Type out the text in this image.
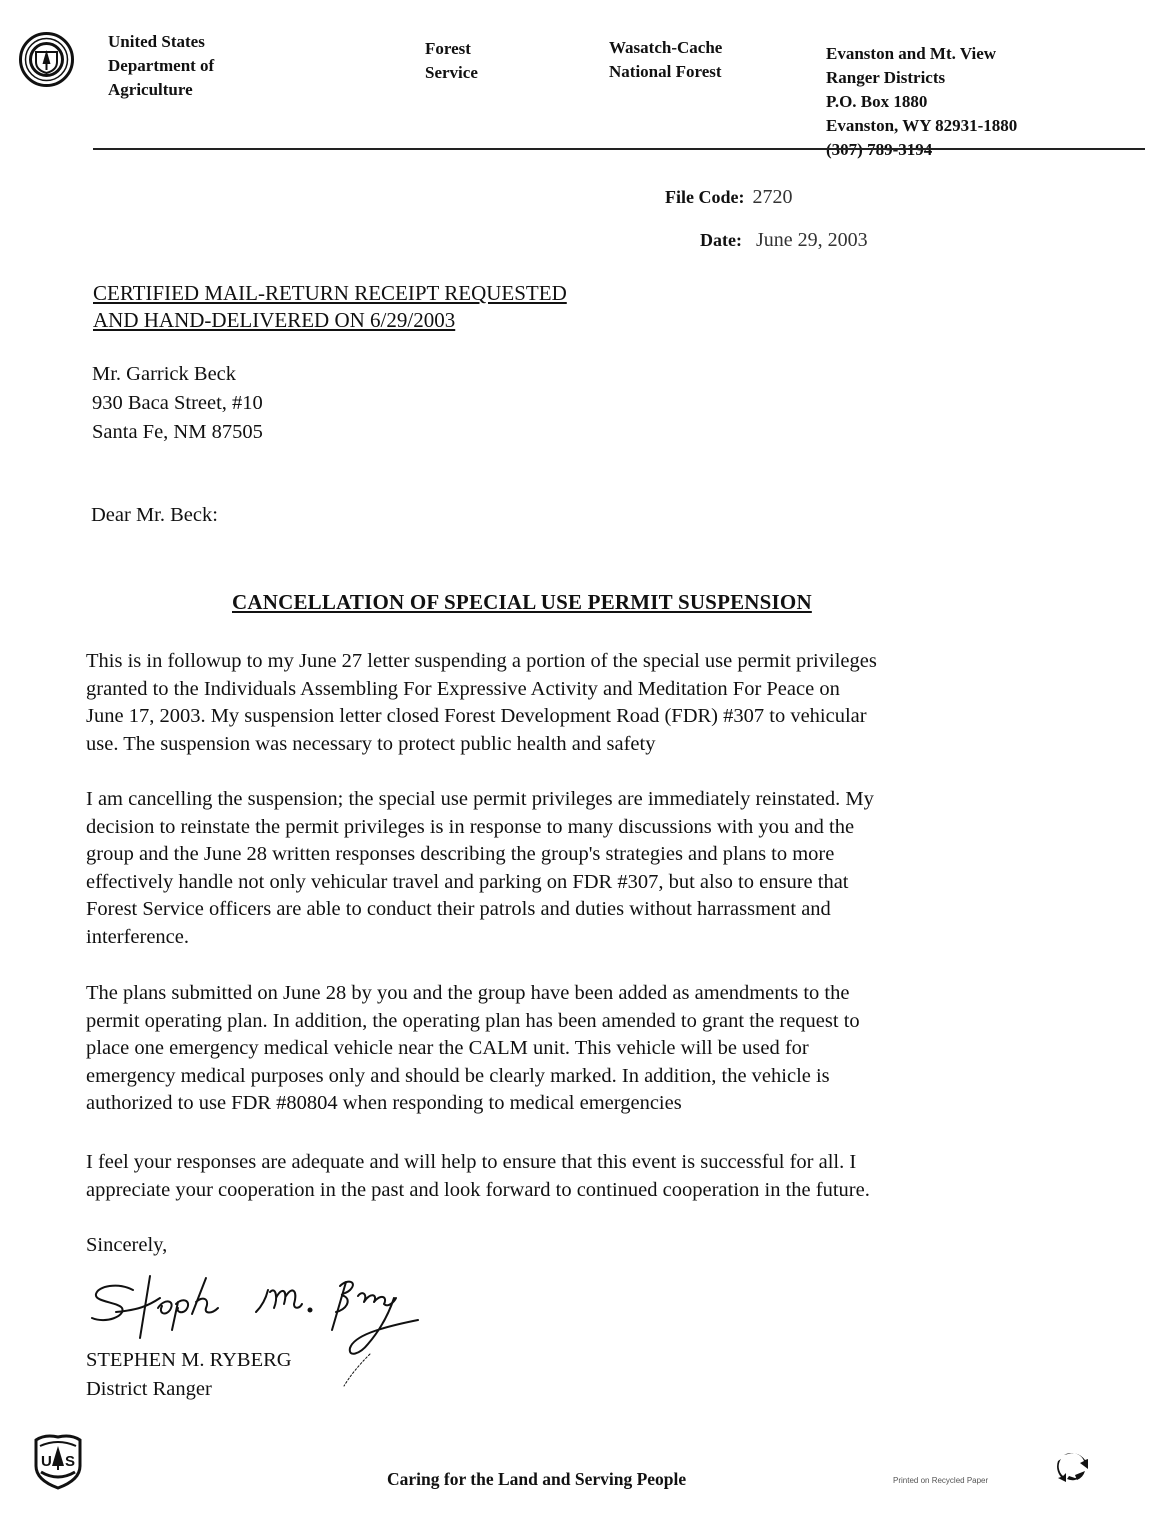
United States
Department of
Agriculture
Forest
Service
Wasatch-Cache
National Forest
Evanston and Mt. View
Ranger Districts
P.O. Box 1880
Evanston, WY 82931-1880
(307) 789-3194
File Code: 2720
Date: June 29, 2003
CERTIFIED MAIL-RETURN RECEIPT REQUESTED
AND HAND-DELIVERED ON 6/29/2003
Mr. Garrick Beck
930 Baca Street, #10
Santa Fe, NM 87505
Dear Mr. Beck:
CANCELLATION OF SPECIAL USE PERMIT SUSPENSION
This is in followup to my June 27 letter suspending a portion of the special use permit privileges
granted to the Individuals Assembling For Expressive Activity and Meditation For Peace on
June 17, 2003. My suspension letter closed Forest Development Road (FDR) #307 to vehicular
use. The suspension was necessary to protect public health and safety
I am cancelling the suspension; the special use permit privileges are immediately reinstated. My
decision to reinstate the permit privileges is in response to many discussions with you and the
group and the June 28 written responses describing the group's strategies and plans to more
effectively handle not only vehicular travel and parking on FDR #307, but also to ensure that
Forest Service officers are able to conduct their patrols and duties without harrassment and
interference.
The plans submitted on June 28 by you and the group have been added as amendments to the
permit operating plan. In addition, the operating plan has been amended to grant the request to
place one emergency medical vehicle near the CALM unit. This vehicle will be used for
emergency medical purposes only and should be clearly marked. In addition, the vehicle is
authorized to use FDR #80804 when responding to medical emergencies
I feel your responses are adequate and will help to ensure that this event is successful for all. I
appreciate your cooperation in the past and look forward to continued cooperation in the future.
Sincerely,
STEPHEN M. RYBERG
District Ranger
U S
Caring for the Land and Serving People	Printed on Recycled Paper
